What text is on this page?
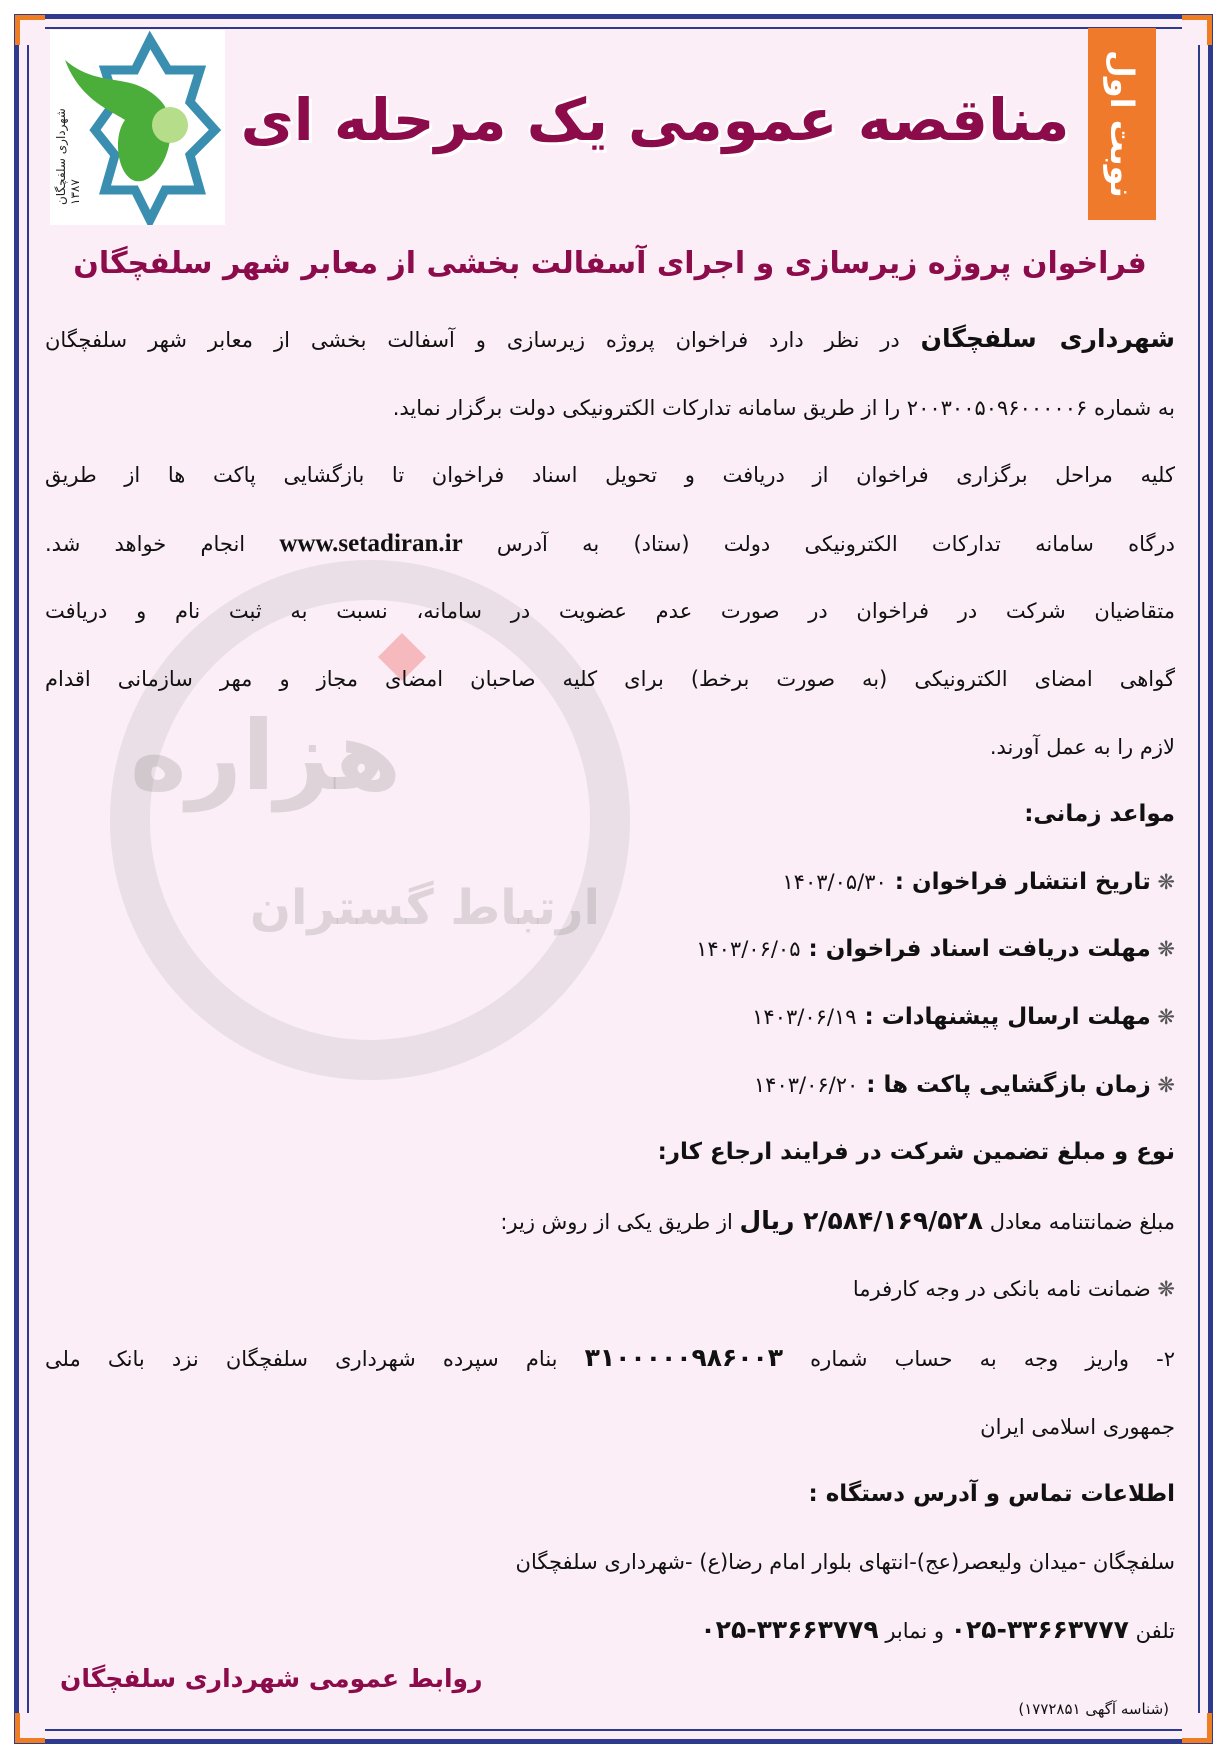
هزاره
ارتباط گستران
شهرداری سلفچگان ۱۳۸۷	نوبت اول
مناقصه عمومی یک مرحله ای
فراخوان پروژه زیرسازی و اجرای آسفالت بخشی از معابر شهر سلفچگان
شهرداری سلفچگان در نظر دارد فراخوان پروژه زیرسازی و آسفالت بخشی از معابر شهر سلفچگان
به شماره ۲۰۰۳۰۰۵۰۹۶۰۰۰۰۰۶ را از طریق سامانه تدارکات الکترونیکی دولت برگزار نماید.
کلیه مراحل برگزاری فراخوان از دریافت و تحویل اسناد فراخوان تا بازگشایی پاکت ها از طریق
درگاه سامانه تدارکات الکترونیکی دولت (ستاد) به آدرس www.setadiran.ir انجام خواهد شد.
متقاضیان شرکت در فراخوان در صورت عدم عضویت در سامانه، نسبت به ثبت نام و دریافت
گواهی امضای الکترونیکی (به صورت برخط) برای کلیه صاحبان امضای مجاز و مهر سازمانی اقدام
لازم را به عمل آورند.
مواعد زمانی:
❋ تاریخ انتشار فراخوان : ۱۴۰۳/۰۵/۳۰
❋ مهلت دریافت اسناد فراخوان : ۱۴۰۳/۰۶/۰۵
❋ مهلت ارسال پیشنهادات : ۱۴۰۳/۰۶/۱۹
❋ زمان بازگشایی پاکت ها : ۱۴۰۳/۰۶/۲۰
نوع و مبلغ تضمین شرکت در فرایند ارجاع کار:
مبلغ ضمانتنامه معادل ۲/۵۸۴/۱۶۹/۵۲۸ ریال از طریق یکی از روش زیر:
❋ ضمانت نامه بانکی در وجه کارفرما
۲- واریز وجه به حساب شماره ۳۱۰۰۰۰۰۹۸۶۰۰۳ بنام سپرده شهرداری سلفچگان نزد بانک ملی
جمهوری اسلامی ایران
اطلاعات تماس و آدرس دستگاه :
سلفچگان -میدان ولیعصر(عج)-انتهای بلوار امام رضا(ع) -شهرداری سلفچگان
تلفن ۳۳۶۶۳۷۷۷-۰۲۵ و نمابر ۳۳۶۶۳۷۷۹-۰۲۵
روابط عمومی شهرداری سلفچگان
(شناسه آگهی ۱۷۷۲۸۵۱)
